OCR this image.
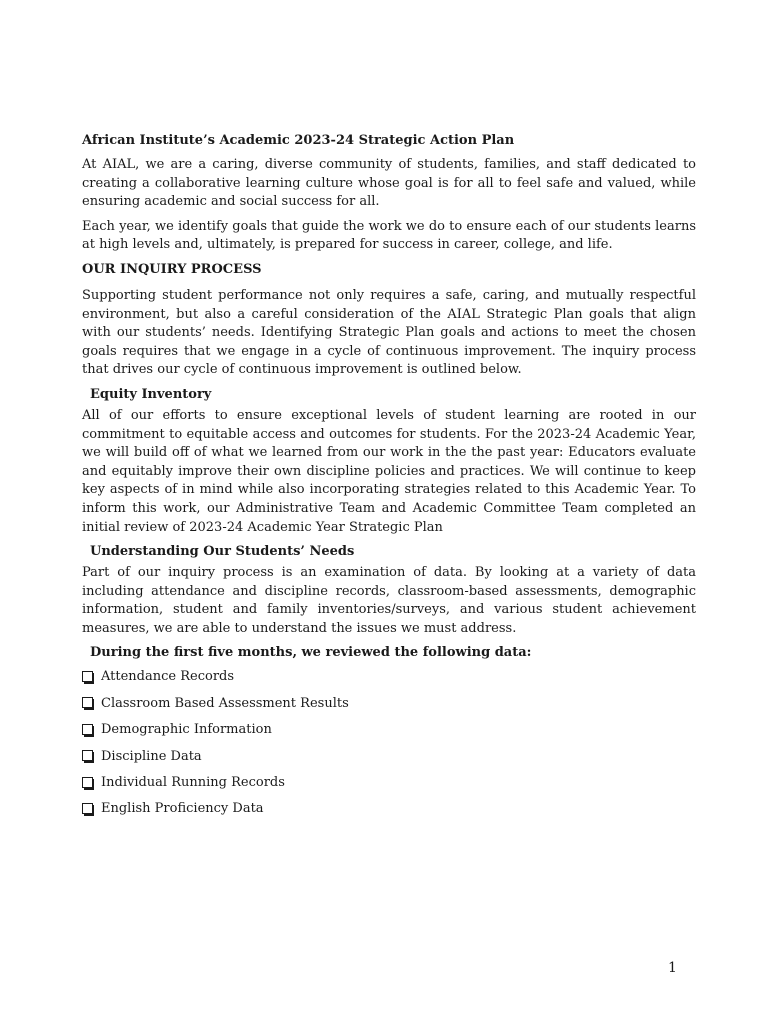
African Institute’s Academic 2023-24 Strategic Action Plan

At AIAL, we are a caring, diverse community of students, families, and staff dedicated to creating a collaborative learning culture whose goal is for all to feel safe and valued, while ensuring academic and social success for all.

Each year, we identify goals that guide the work we do to ensure each of our students learns at high levels and, ultimately, is prepared for success in career, college, and life.

OUR INQUIRY PROCESS

Supporting student performance not only requires a safe, caring, and mutually respectful environment, but also a careful consideration of the AIAL Strategic Plan goals that align with our students’ needs. Identifying Strategic Plan goals and actions to meet the chosen goals requires that we engage in a cycle of continuous improvement. The inquiry process that drives our cycle of continuous improvement is outlined below.

Equity Inventory

All of our efforts to ensure exceptional levels of student learning are rooted in our commitment to equitable access and outcomes for students. For the 2023-24 Academic Year, we will build off of what we learned from our work in the the past year: Educators evaluate and equitably improve their own discipline policies and practices. We will continue to keep key aspects of in mind while also incorporating strategies related to this Academic Year. To inform this work, our Administrative Team and Academic Committee Team completed an initial review of 2023-24 Academic Year Strategic Plan

Understanding Our Students’ Needs

Part of our inquiry process is an examination of data. By looking at a variety of data including attendance and discipline records, classroom-based assessments, demographic information, student and family inventories/surveys, and various student achievement measures, we are able to understand the issues we must address.

During the first five months, we reviewed the following data:

Attendance Records
Classroom Based Assessment Results
Demographic Information
Discipline Data
Individual Running Records
English Proficiency Data
1
